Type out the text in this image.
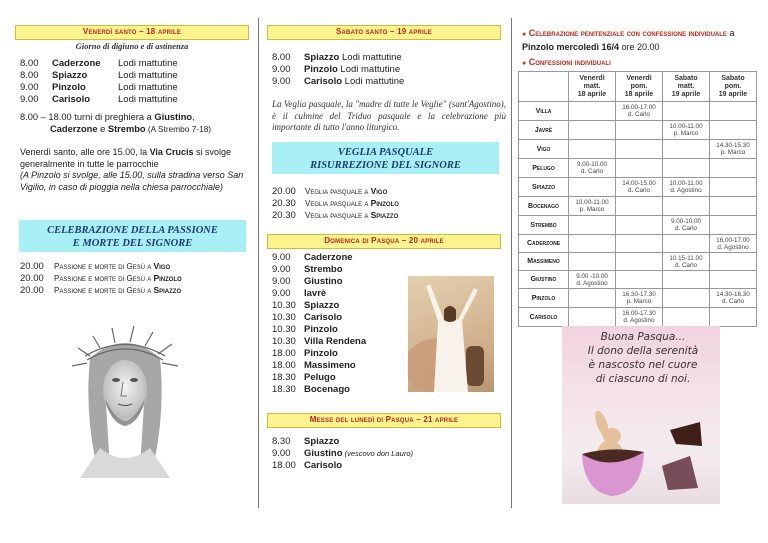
Venerdì santo – 18 aprile
Giorno di digiuno e di astinenza
8.00 Caderzone Lodi mattutine
8.00 Spiazzo	Lodi mattutine
9.00 Pinzolo	Lodi mattutine
9.00 Carisolo	Lodi mattutine
8.00 – 18.00 turni di preghiera a Giustino,
Caderzone e Strembo (A Strembo 7-18)
Venerdì santo, alle ore 15.00, la Via Crucis si svolge generalmente in tutte le parrocchie
(A Pinzolo si svolge, alle 15.00, sulla stradina verso San Vigilio, in caso di pioggia nella chiesa parrocchiale)
CELEBRAZIONE DELLA PASSIONE
E MORTE DEL SIGNORE
20.00 Passione e morte di Gesù a Vigo
20.00 Passione e morte di Gesù a Pinzolo
20.00 Passione e morte di Gesù a Spiazzo
Sabato santo – 19 aprile
8.00 Spiazzo Lodi mattutine
9.00 Pinzolo Lodi mattutine
9.00 Carisolo Lodi mattutine
La Veglia pasquale, la "madre di tutte le Veglie" (sant'Agostino), è il culmine del Triduo pasquale e la celebrazione più importante di tutto l'anno liturgico.
VEGLIA PASQUALE
RISURREZIONE DEL SIGNORE
20.00 Veglia pasquale a Vigo
20.30 Veglia pasquale a Pinzolo
20.30 Veglia pasquale a Spiazzo
Domenica di Pasqua – 20 aprile
9.00 Caderzone
9.00 Strembo
9.00 Giustino
9.00 Iavrè
10.30 Spiazzo
10.30 Carisolo
10.30 Pinzolo
10.30 Villa Rendena
18.00 Pinzolo
18.00 Massimeno
18.30 Pelugo
18.30 Bocenago
Messe del lunedì di Pasqua – 21 aprile
8.30 Spiazzo
9.00 Giustino (vescovo don Lauro)
18.00 Carisolo
● Celebrazione penitenziale con confessione individuale a Pinzolo mercoledì 16/4 ore 20.00
● Confessioni individuali
	Venerdì
matt.
18 aprile	Venerdì
pom.
18 aprile	Sabato
matt.
19 aprile	Sabato
pom.
19 aprile
Villa		16.00-17.00
d. Carlo		
Javrè			10.00-11.00
p. Marco	
Vigo				14.30-15.30
p. Marco
Pelugo	9.00-10.00
d. Carlo			
Spiazzo		14.00-15.00
d. Carlo	10.00-11.00
d. Agostino	
Bocenago	10.00-11.00
p. Marco			
Strembo			9.00-10.00
d. Carlo	
Caderzone				16.00-17.00
d. Agostino
Massimeno			10.15-11.00
d. Carlo	
Giustino	9.00 -10.00
d. Agostino			
Pinzolo		16.30-17.30
p. Marco		14.30-16.30
d. Carlo
Carisolo		16.00-17.30
d. Agostino		
Buona Pasqua...
Il dono della serenità
è nascosto nel cuore
di ciascuno di noi.
